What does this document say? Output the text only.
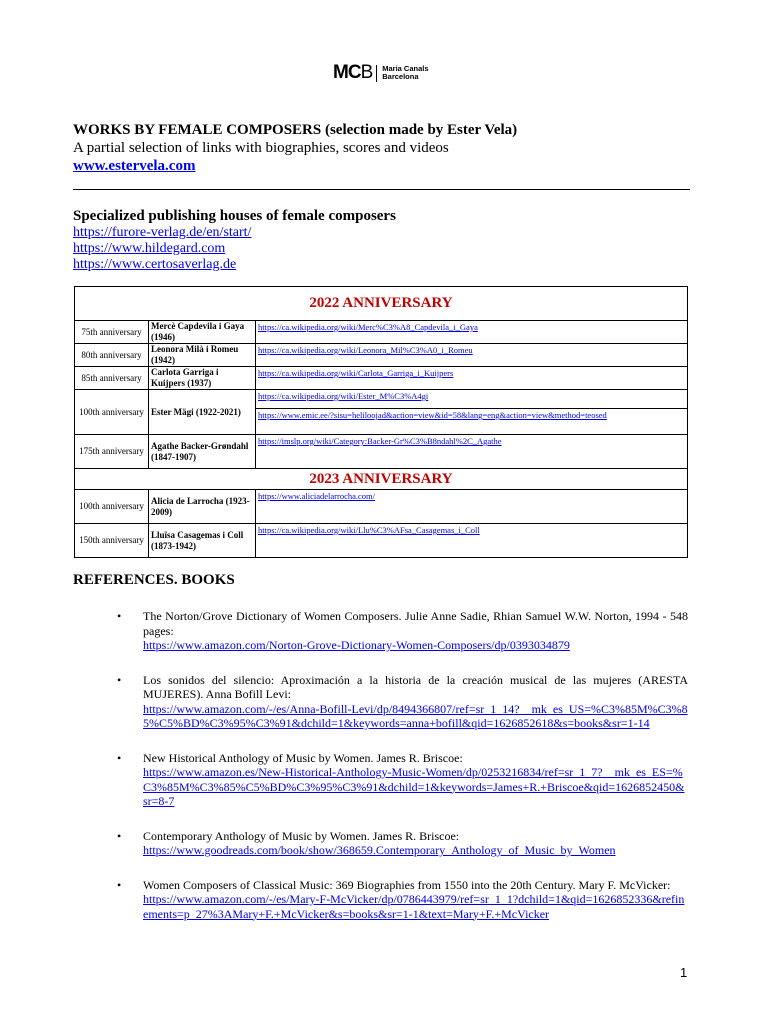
MCB Maria Canals
Barcelona
WORKS BY FEMALE COMPOSERS (selection made by Ester Vela)
A partial selection of links with biographies, scores and videos
www.estervela.com
Specialized publishing houses of female composers
https://furore-verlag.de/en/start/
https://www.hildegard.com
https://www.certosaverlag.de
2022 ANNIVERSARY		
75th anniversary	Mercè Capdevila i Gaya (1946)	https://ca.wikipedia.org/wiki/Merc%C3%A8_Capdevila_i_Gaya
80th anniversary	Leonora Milà i Romeu (1942)	https://ca.wikipedia.org/wiki/Leonora_Mil%C3%A0_i_Romeu
85th anniversary	Carlota Garriga i Kuijpers (1937)	https://ca.wikipedia.org/wiki/Carlota_Garriga_i_Kuijpers
100th anniversary	Ester Mägi (1922-2021)	https://ca.wikipedia.org/wiki/Ester_M%C3%A4gi
		https://www.emic.ee/?sisu=heliloojad&action=view&id=58&lang=eng&action=view&method=teosed
175th anniversary	Agathe Backer-Grøndahl (1847-1907)	https://imslp.org/wiki/Category:Backer-Gr%C3%B8ndahl%2C_Agathe
2023 ANNIVERSARY		
100th anniversary	Alicia de Larrocha (1923-2009)	https://www.aliciadelarrocha.com/
150th anniversary	Lluïsa Casagemas i Coll (1873-1942)	https://ca.wikipedia.org/wiki/Llu%C3%AFsa_Casagemas_i_Coll
REFERENCES. BOOKS
• The Norton/Grove Dictionary of Women Composers. Julie Anne Sadie, Rhian Samuel W.W. Norton, 1994 - 548 pages:
https://www.amazon.com/Norton-Grove-Dictionary-Women-Composers/dp/0393034879
• Los sonidos del silencio: Aproximación a la historia de la creación musical de las mujeres (ARESTA MUJERES). Anna Bofill Levi:
https://www.amazon.com/-/es/Anna-Bofill-Levi/dp/8494366807/ref=sr_1_14?__mk_es_US=%C3%85M%C3%85%C5%BD%C3%95%C3%91&dchild=1&keywords=anna+bofill&qid=1626852618&s=books&sr=1-14
• New Historical Anthology of Music by Women. James R. Briscoe:
https://www.amazon.es/New-Historical-Anthology-Music-Women/dp/0253216834/ref=sr_1_7?__mk_es_ES=%C3%85M%C3%85%C5%BD%C3%95%C3%91&dchild=1&keywords=James+R.+Briscoe&qid=1626852450&sr=8-7
• Contemporary Anthology of Music by Women. James R. Briscoe:
https://www.goodreads.com/book/show/368659.Contemporary_Anthology_of_Music_by_Women
• Women Composers of Classical Music: 369 Biographies from 1550 into the 20th Century. Mary F. McVicker:
https://www.amazon.com/-/es/Mary-F-McVicker/dp/0786443979/ref=sr_1_1?dchild=1&qid=1626852336&refinements=p_27%3AMary+F.+McVicker&s=books&sr=1-1&text=Mary+F.+McVicker
1
